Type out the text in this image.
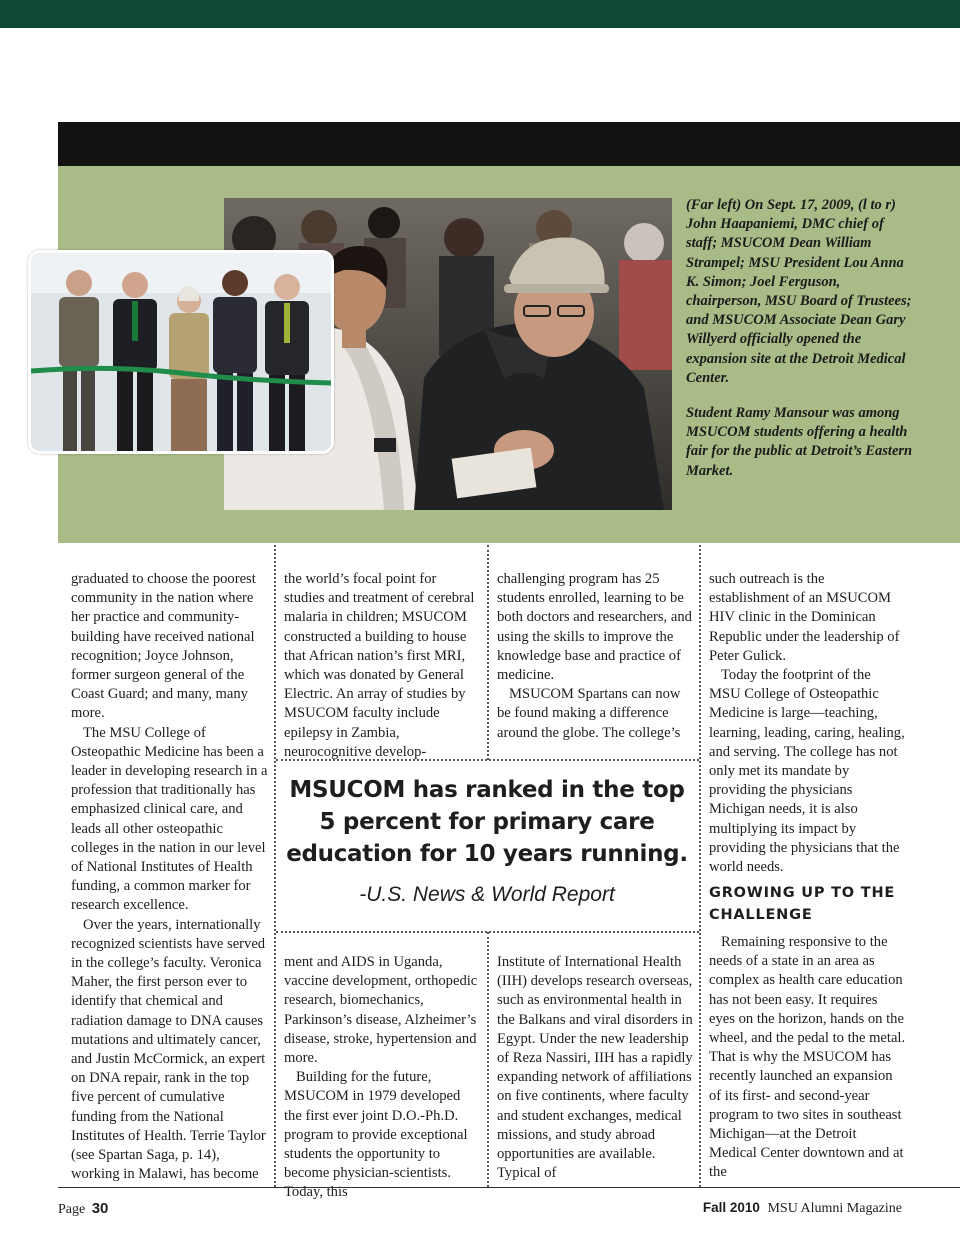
(Far left) On Sept. 17, 2009, (l to r) John Haapaniemi, DMC chief of staff; MSUCOM Dean William Strampel; MSU President Lou Anna K. Simon; Joel Ferguson, chairperson, MSU Board of Trustees; and MSUCOM Associate Dean Gary Willyerd officially opened the expansion site at the Detroit Medical Center.
Student Ramy Mansour was among MSUCOM students offering a health fair for the public at Detroit’s Eastern Market.

graduated to choose the poorest community in the nation where her practice and community-building have received national recognition; Joyce Johnson, former surgeon general of the Coast Guard; and many, many more.

The MSU College of Osteopathic Medicine has been a leader in developing research in a profession that traditionally has emphasized clinical care, and leads all other osteopathic colleges in the nation in our level of National Institutes of Health funding, a common marker for research excellence.

Over the years, internationally recognized scientists have served in the college’s faculty. Veronica Maher, the first person ever to identify that chemical and radiation damage to DNA causes mutations and ultimately cancer, and Justin McCormick, an expert on DNA repair, rank in the top five percent of cumulative funding from the National Institutes of Health. Terrie Taylor (see Spartan Saga, p. 14), working in Malawi, has become

the world’s focal point for studies and treatment of cerebral malaria in children; MSUCOM constructed a building to house that African nation’s first MRI, which was donated by General Electric. An array of studies by MSUCOM faculty include epilepsy in Zambia, neurocognitive develop-

challenging program has 25 students enrolled, learning to be both doctors and researchers, and using the skills to improve the knowledge base and practice of medicine.

MSUCOM Spartans can now be found making a difference around the globe. The college’s

MSUCOM has ranked in the top 5 percent for primary care education for 10 years running.
-U.S. News & World Report

ment and AIDS in Uganda, vaccine development, orthopedic research, biomechanics, Parkinson’s disease, Alzheimer’s disease, stroke, hypertension and more.

Building for the future, MSUCOM in 1979 developed the first ever joint D.O.-Ph.D. program to provide exceptional students the opportunity to become physician-scientists. Today, this

Institute of International Health (IIH) develops research overseas, such as environmental health in the Balkans and viral disorders in Egypt. Under the new leadership of Reza Nassiri, IIH has a rapidly expanding network of affiliations on five continents, where faculty and student exchanges, medical missions, and study abroad opportunities are available. Typical of

such outreach is the establishment of an MSUCOM HIV clinic in the Dominican Republic under the leadership of Peter Gulick.

Today the footprint of the MSU College of Osteopathic Medicine is large—teaching, learning, leading, caring, healing, and serving. The college has not only met its mandate by providing the physicians Michigan needs, it is also multiplying its impact by providing the physicians that the world needs.

GROWING UP TO THE CHALLENGE

Remaining responsive to the needs of a state in an area as complex as health care education has not been easy. It requires eyes on the horizon, hands on the wheel, and the pedal to the metal. That is why the MSUCOM has recently launched an expansion of its first- and second-year program to two sites in southeast Michigan—at the Detroit Medical Center downtown and at the

Page 30	Fall 2010 MSU Alumni Magazine
